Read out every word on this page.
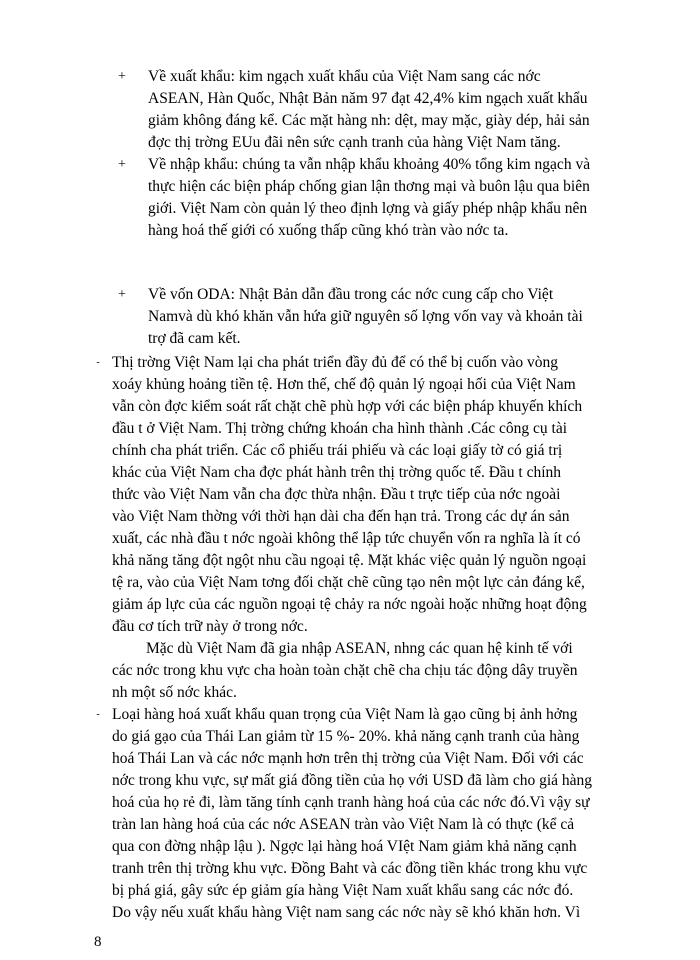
+ Về xuất khẩu: kim ngạch xuất khẩu của Việt Nam sang các nớc
ASEAN, Hàn Quốc, Nhật Bản năm 97 đạt 42,4% kim ngạch xuất khẩu
giảm không đáng kể. Các mặt hàng nh: dệt, may mặc, giày dép, hải sản
đợc thị trờng EUu đãi nên sức cạnh tranh của hàng Việt Nam tăng.
+ Về nhập khẩu: chúng ta vẫn nhập khẩu khoảng 40% tổng kim ngạch và
thực hiện các biện pháp chống gian lận thơng mại và buôn lậu qua biên
giới. Việt Nam còn quản lý theo định lợng và giấy phép nhập khẩu nên
hàng hoá thế giới có xuống thấp cũng khó tràn vào nớc ta.
+ Về vốn ODA: Nhật Bản dẫn đầu trong các nớc cung cấp cho Việt
Namvà dù khó khăn vẫn hứa giữ nguyên số lợng vốn vay và khoản tài
trợ đã cam kết.
- Thị trờng Việt Nam lại cha phát triển đầy đủ để có thể bị cuốn vào vòng
xoáy khủng hoảng tiền tệ. Hơn thế, chế độ quản lý ngoại hối của Việt Nam
vẫn còn đợc kiểm soát rất chặt chẽ phù hợp với các biện pháp khuyến khích
đầu t ở Việt Nam. Thị trờng chứng khoán cha hình thành .Các công cụ tài
chính cha phát triển. Các cổ phiếu trái phiếu và các loại giấy tờ có giá trị
khác của Việt Nam cha đợc phát hành trên thị trờng quốc tế. Đầu t chính
thức vào Việt Nam vẫn cha đợc thừa nhận. Đầu t trực tiếp của nớc ngoài
vào Việt Nam thờng với thời hạn dài cha đến hạn trả. Trong các dự án sản
xuất, các nhà đầu t nớc ngoài không thể lập tức chuyển vốn ra nghĩa là ít có
khả năng tăng đột ngột nhu cầu ngoại tệ. Mặt khác việc quản lý nguồn ngoại
tệ ra, vào của Việt Nam tơng đối chặt chẽ cũng tạo nên một lực cản đáng kể,
giảm áp lực của các nguồn ngoại tệ chảy ra nớc ngoài hoặc những hoạt động
đầu cơ tích trữ này ở trong nớc.
Mặc dù Việt Nam đã gia nhập ASEAN, nhng các quan hệ kinh tế với
các nớc trong khu vực cha hoàn toàn chặt chẽ cha chịu tác động dây truyền
nh một số nớc khác.
- Loại hàng hoá xuất khẩu quan trọng của Việt Nam là gạo cũng bị ảnh hởng
do giá gạo của Thái Lan giảm từ 15 %- 20%. khả năng cạnh tranh của hàng
hoá Thái Lan và các nớc mạnh hơn trên thị trờng của Việt Nam. Đối với các
nớc trong khu vực, sự mất giá đồng tiền của họ với USD đã làm cho giá hàng
hoá của họ rẻ đi, làm tăng tính cạnh tranh hàng hoá của các nớc đó.Vì vậy sự
tràn lan hàng hoá của các nớc ASEAN tràn vào Việt Nam là có thực (kể cả
qua con đờng nhập lậu ). Ngợc lại hàng hoá VIệt Nam giảm khả năng cạnh
tranh trên thị trờng khu vực. Đồng Baht và các đồng tiền khác trong khu vực
bị phá giá, gây sức ép giảm gía hàng Việt Nam xuất khẩu sang các nớc đó.
Do vậy nếu xuất khẩu hàng Việt nam sang các nớc này sẽ khó khăn hơn. Vì
8
